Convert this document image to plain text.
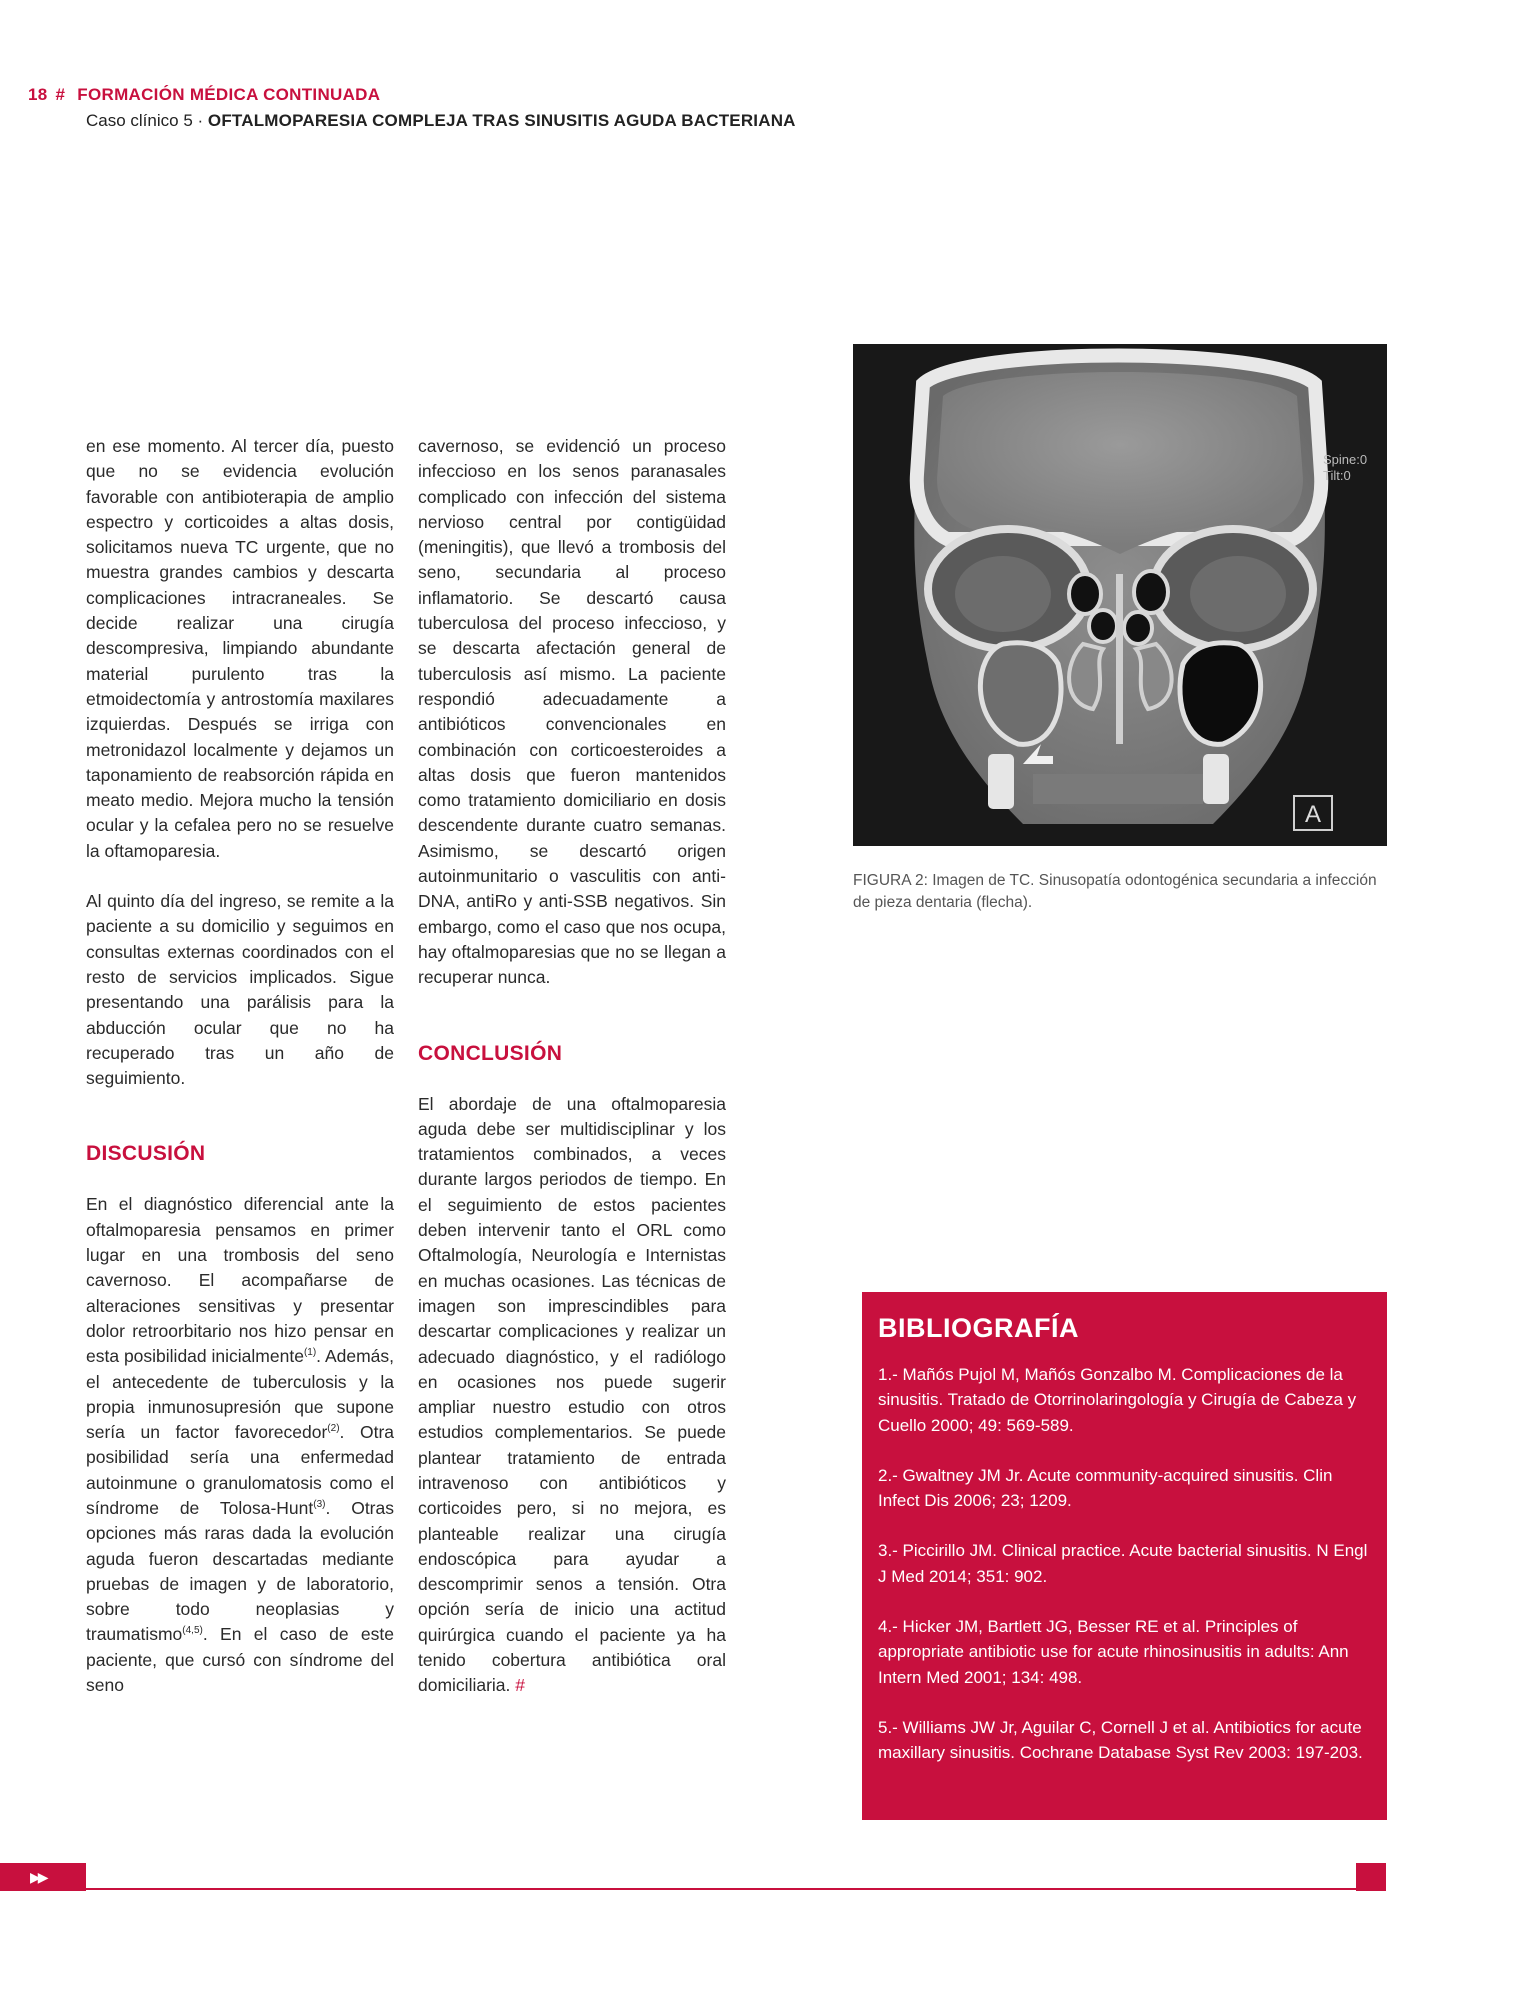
18 # FORMACIÓN MÉDICA CONTINUADA
Caso clínico 5 · OFTALMOPARESIA COMPLEJA TRAS SINUSITIS AGUDA BACTERIANA

en ese momento. Al tercer día, puesto que no se evidencia evolución favorable con antibioterapia de amplio espectro y corticoides a altas dosis, solicitamos nueva TC urgente, que no muestra grandes cambios y descarta complicaciones intracraneales. Se decide realizar una cirugía descompresiva, limpiando abundante material purulento tras la etmoidectomía y antrostomía maxilares izquierdas. Después se irriga con metronidazol localmente y dejamos un taponamiento de reabsorción rápida en meato medio. Mejora mucho la tensión ocular y la cefalea pero no se resuelve la oftamoparesia.

Al quinto día del ingreso, se remite a la paciente a su domicilio y seguimos en consultas externas coordinados con el resto de servicios implicados. Sigue presentando una parálisis para la abducción ocular que no ha recuperado tras un año de seguimiento.

DISCUSIÓN

En el diagnóstico diferencial ante la oftalmoparesia pensamos en primer lugar en una trombosis del seno cavernoso. El acompañarse de alteraciones sensitivas y presentar dolor retroorbitario nos hizo pensar en esta posibilidad inicialmente$^{(1)}$. Además, el antecedente de tuberculosis y la propia inmunosupresión que supone sería un factor favorecedor$^{(2)}$. Otra posibilidad sería una enfermedad autoinmune o granulomatosis como el síndrome de Tolosa-Hunt$^{(3)}$. Otras opciones más raras dada la evolución aguda fueron descartadas mediante pruebas de imagen y de laboratorio, sobre todo neoplasias y traumatismo$^{(4,5)}$. En el caso de este paciente, que cursó con síndrome del seno

cavernoso, se evidenció un proceso infeccioso en los senos paranasales complicado con infección del sistema nervioso central por contigüidad (meningitis), que llevó a trombosis del seno, secundaria al proceso inflamatorio. Se descartó causa tuberculosa del proceso infeccioso, y se descarta afectación general de tuberculosis así mismo. La paciente respondió adecuadamente a antibióticos convencionales en combinación con corticoesteroides a altas dosis que fueron mantenidos como tratamiento domiciliario en dosis descendente durante cuatro semanas. Asimismo, se descartó origen autoinmunitario o vasculitis con anti-DNA, antiRo y anti-SSB negativos. Sin embargo, como el caso que nos ocupa, hay oftalmoparesias que no se llegan a recuperar nunca.

CONCLUSIÓN

El abordaje de una oftalmoparesia aguda debe ser multidisciplinar y los tratamientos combinados, a veces durante largos periodos de tiempo. En el seguimiento de estos pacientes deben intervenir tanto el ORL como Oftalmología, Neurología e Internistas en muchas ocasiones. Las técnicas de imagen son imprescindibles para descartar complicaciones y realizar un adecuado diagnóstico, y el radiólogo en ocasiones nos puede sugerir ampliar nuestro estudio con otros estudios complementarios. Se puede plantear tratamiento de entrada intravenoso con antibióticos y corticoides pero, si no mejora, es planteable realizar una cirugía endoscópica para ayudar a descomprimir senos a tensión. Otra opción sería de inicio una actitud quirúrgica cuando el paciente ya ha tenido cobertura antibiótica oral domiciliaria. #

Spine:0
Tilt:0
A
FIGURA 2: Imagen de TC. Sinusopatía odontogénica secundaria a infección de pieza dentaria (flecha).
BIBLIOGRAFÍA

1.- Mañós Pujol M, Mañós Gonzalbo M. Complicaciones de la sinusitis. Tratado de Otorrinolaringología y Cirugía de Cabeza y Cuello 2000; 49: 569-589.

2.- Gwaltney JM Jr. Acute community-acquired sinusitis. Clin Infect Dis 2006; 23; 1209.

3.- Piccirillo JM. Clinical practice. Acute bacterial sinusitis. N Engl J Med 2014; 351: 902.

4.- Hicker JM, Bartlett JG, Besser RE et al. Principles of appropriate antibiotic use for acute rhinosinusitis in adults: Ann Intern Med 2001; 134: 498.

5.- Williams JW Jr, Aguilar C, Cornell J et al. Antibiotics for acute maxillary sinusitis. Cochrane Database Syst Rev 2003: 197-203.

▶▶
